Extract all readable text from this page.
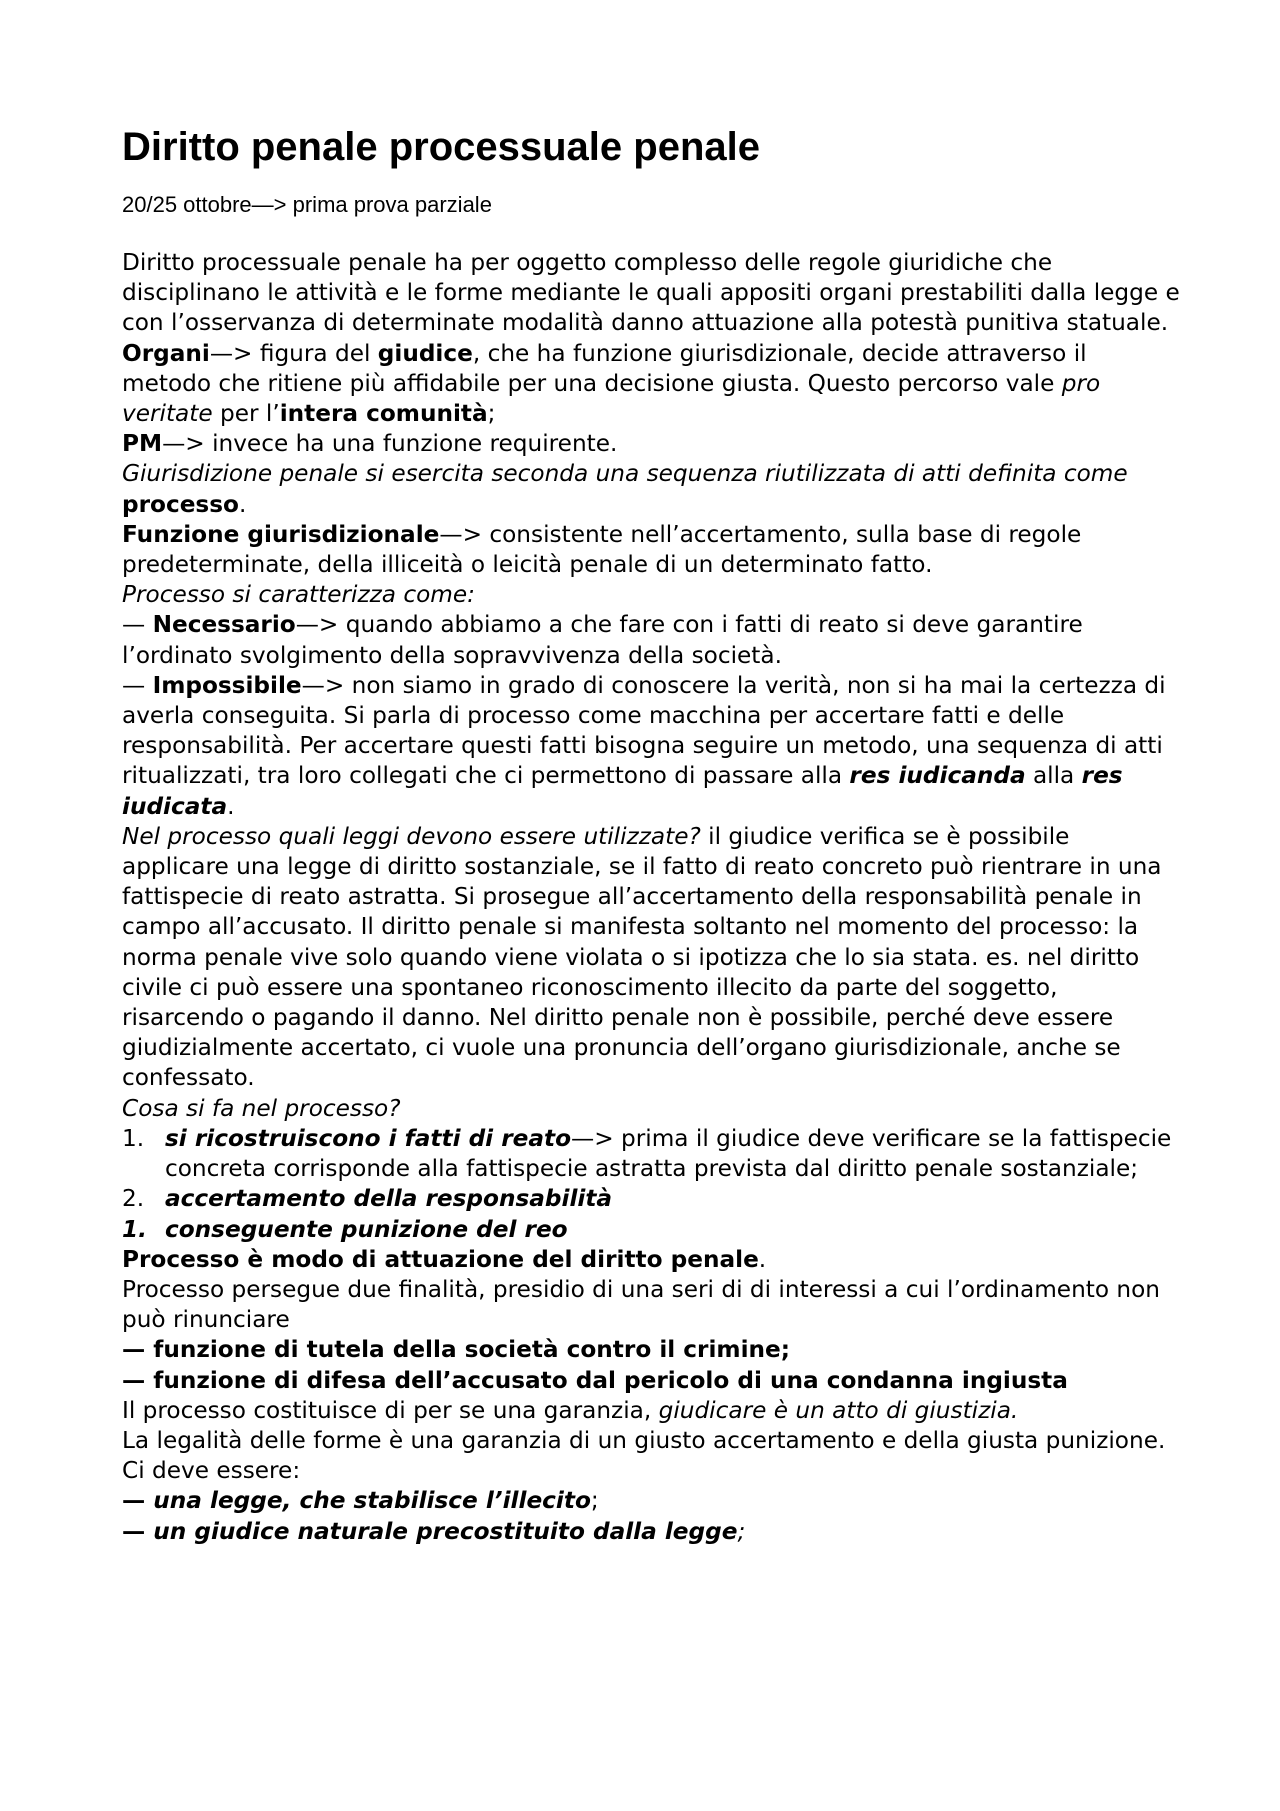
Diritto penale processuale penale

20/25 ottobre—> prima prova parziale

Diritto processuale penale ha per oggetto complesso delle regole giuridiche che disciplinano le attività e le forme mediante le quali appositi organi prestabiliti dalla legge e con l’osservanza di determinate modalità danno attuazione alla potestà punitiva statuale.

Organi—> figura del giudice, che ha funzione giurisdizionale, decide attraverso il metodo che ritiene più affidabile per una decisione giusta. Questo percorso vale pro veritate per l’intera comunità;

PM—> invece ha una funzione requirente.

Giurisdizione penale si esercita seconda una sequenza riutilizzata di atti definita come processo.

Funzione giurisdizionale—> consistente nell’accertamento, sulla base di regole predeterminate, della illiceità o leicità penale di un determinato fatto.

Processo si caratterizza come:

— Necessario—> quando abbiamo a che fare con i fatti di reato si deve garantire l’ordinato svolgimento della sopravvivenza della società.

— Impossibile—> non siamo in grado di conoscere la verità, non si ha mai la certezza di averla conseguita. Si parla di processo come macchina per accertare fatti e delle responsabilità. Per accertare questi fatti bisogna seguire un metodo, una sequenza di atti ritualizzati, tra loro collegati che ci permettono di passare alla res iudicanda alla res iudicata.

Nel processo quali leggi devono essere utilizzate? il giudice verifica se è possibile applicare una legge di diritto sostanziale, se il fatto di reato concreto può rientrare in una fattispecie di reato astratta. Si prosegue all’accertamento della responsabilità penale in campo all’accusato. Il diritto penale si manifesta soltanto nel momento del processo: la norma penale vive solo quando viene violata o si ipotizza che lo sia stata. es. nel diritto civile ci può essere una spontaneo riconoscimento illecito da parte del soggetto, risarcendo o pagando il danno. Nel diritto penale non è possibile, perché deve essere giudizialmente accertato, ci vuole una pronuncia dell’organo giurisdizionale, anche se confessato.

Cosa si fa nel processo?

1. si ricostruiscono i fatti di reato—> prima il giudice deve verificare se la fattispecie concreta corrisponde alla fattispecie astratta prevista dal diritto penale sostanziale;
2. accertamento della responsabilità
1. conseguente punizione del reo

Processo è modo di attuazione del diritto penale.

Processo persegue due finalità, presidio di una seri di di interessi a cui l’ordinamento non può rinunciare

— funzione di tutela della società contro il crimine;

— funzione di difesa dell’accusato dal pericolo di una condanna ingiusta

Il processo costituisce di per se una garanzia, giudicare è un atto di giustizia.

La legalità delle forme è una garanzia di un giusto accertamento e della giusta punizione. Ci deve essere:

— una legge, che stabilisce l’illecito;

— un giudice naturale precostituito dalla legge;
